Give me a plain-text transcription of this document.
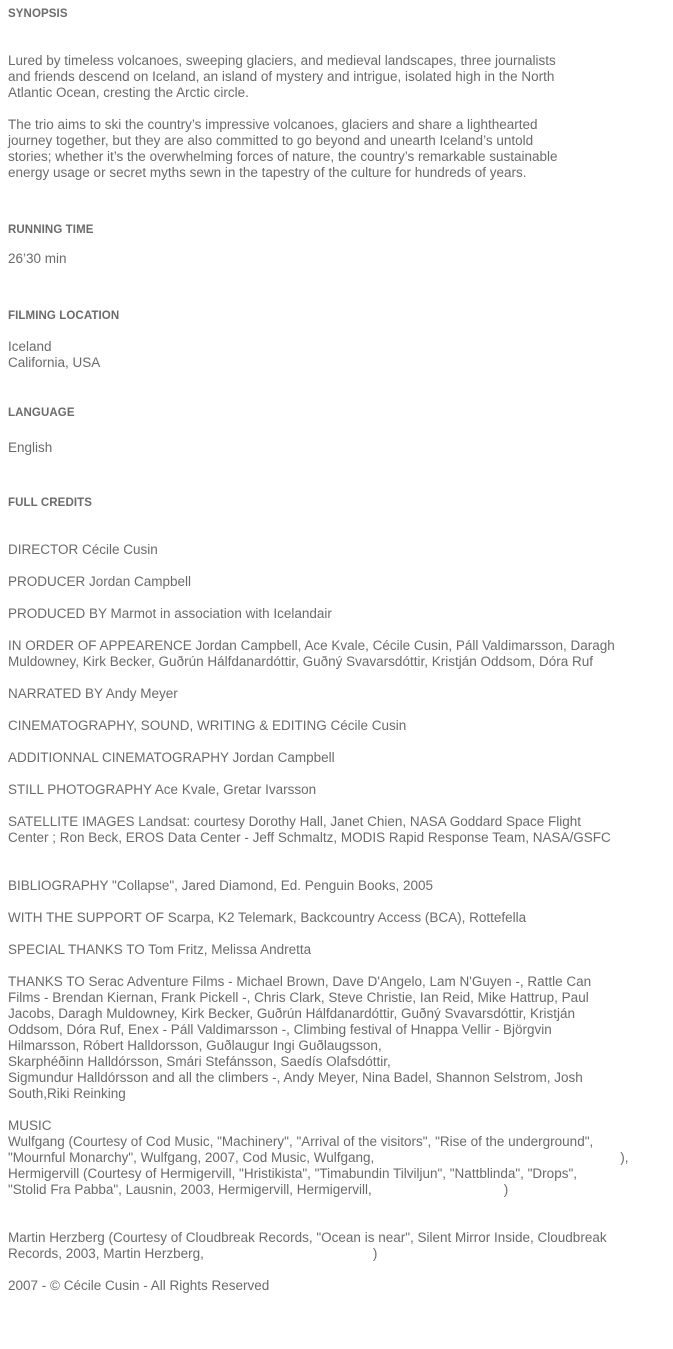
SYNOPSIS
Lured by timeless volcanoes, sweeping glaciers, and medieval landscapes, three journalists
and friends descend on Iceland, an island of mystery and intrigue, isolated high in the North
Atlantic Ocean, cresting the Arctic circle.
The trio aims to ski the country’s impressive volcanoes, glaciers and share a lighthearted
journey together, but they are also committed to go beyond and unearth Iceland’s untold
stories; whether it’s the overwhelming forces of nature, the country’s remarkable sustainable
energy usage or secret myths sewn in the tapestry of the culture for hundreds of years.
RUNNING TIME
26’30 min
FILMING LOCATION
Iceland
California, USA
LANGUAGE
English
FULL CREDITS
DIRECTOR Cécile Cusin
PRODUCER Jordan Campbell
PRODUCED BY Marmot in association with Icelandair
IN ORDER OF APPEARENCE Jordan Campbell, Ace Kvale, Cécile Cusin, Páll Valdimarsson, Daragh
Muldowney, Kirk Becker, Guðrún Hálfdanardóttir, Guðný Svavarsdóttir, Kristján Oddsom, Dóra Ruf
NARRATED BY Andy Meyer
CINEMATOGRAPHY, SOUND, WRITING & EDITING Cécile Cusin
ADDITIONNAL CINEMATOGRAPHY Jordan Campbell
STILL PHOTOGRAPHY Ace Kvale, Gretar Ivarsson
SATELLITE IMAGES Landsat: courtesy Dorothy Hall, Janet Chien, NASA Goddard Space Flight
Center ; Ron Beck, EROS Data Center - Jeff Schmaltz, MODIS Rapid Response Team, NASA/GSFC
BIBLIOGRAPHY "Collapse", Jared Diamond, Ed. Penguin Books, 2005
WITH THE SUPPORT OF Scarpa, K2 Telemark, Backcountry Access (BCA), Rottefella
SPECIAL THANKS TO Tom Fritz, Melissa Andretta
THANKS TO Serac Adventure Films - Michael Brown, Dave D'Angelo, Lam N'Guyen -, Rattle Can
Films - Brendan Kiernan, Frank Pickell -, Chris Clark, Steve Christie, Ian Reid, Mike Hattrup, Paul
Jacobs, Daragh Muldowney, Kirk Becker, Guðrún Hálfdanardóttir, Guðný Svavarsdóttir, Kristján
Oddsom, Dóra Ruf, Enex - Páll Valdimarsson -, Climbing festival of Hnappa Vellir - Björgvin
Hilmarsson, Róbert Halldorsson, Guðlaugur Ingi Guðlaugsson,
Skarphéðinn Halldórsson, Smári Stefánsson, Saedís Olafsdóttir,
Sigmundur Halldórsson and all the climbers -, Andy Meyer, Nina Badel, Shannon Selstrom, Josh
South,Riki Reinking
MUSIC
Wulfgang (Courtesy of Cod Music, "Machinery", "Arrival of the visitors", "Rise of the underground",
"Mournful Monarchy", Wulfgang, 2007, Cod Music, Wulfgang,	),
Hermigervill (Courtesy of Hermigervill, "Hristikista", "Timabundin Tilviljun", "Nattblinda", "Drops",
"Stolid Fra Pabba", Lausnin, 2003, Hermigervill, Hermigervill,	)
Martin Herzberg (Courtesy of Cloudbreak Records, "Ocean is near", Silent Mirror Inside, Cloudbreak
Records, 2003, Martin Herzberg,	)
2007 - © Cécile Cusin - All Rights Reserved
